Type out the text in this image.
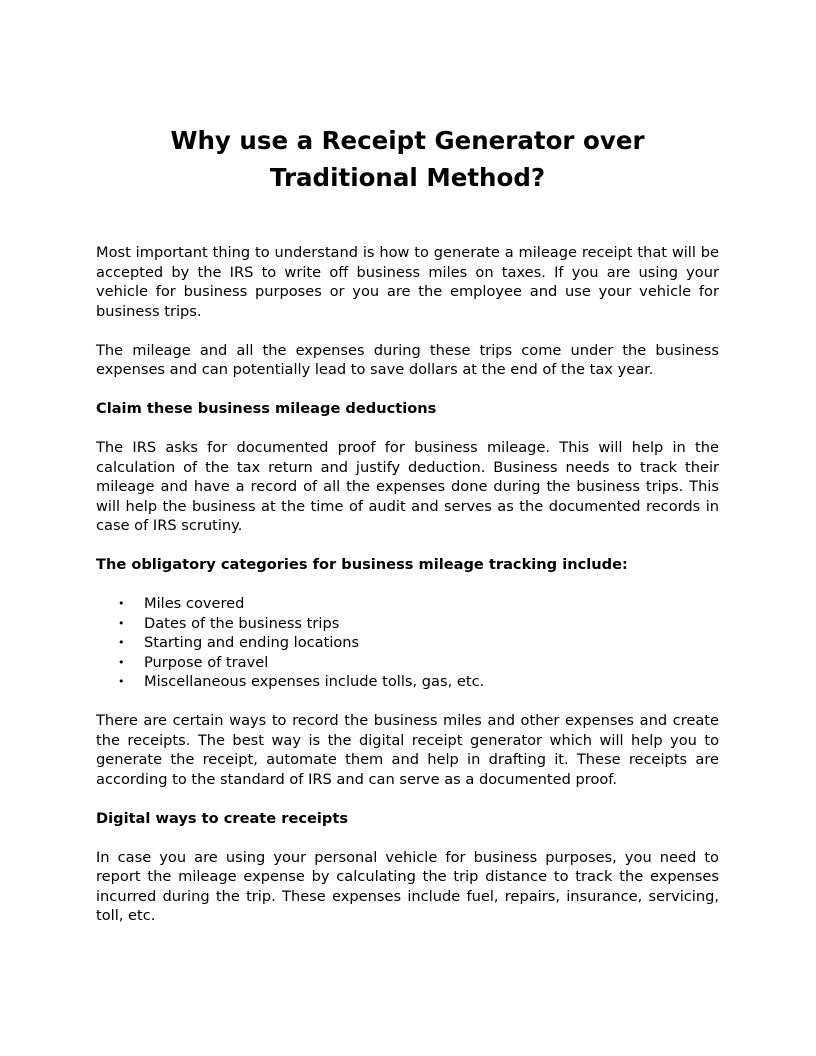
Why use a Receipt Generator over
Traditional Method?

Most important thing to understand is how to generate a mileage receipt that will be accepted by the IRS to write off business miles on taxes. If you are using your vehicle for business purposes or you are the employee and use your vehicle for business trips.

The mileage and all the expenses during these trips come under the business expenses and can potentially lead to save dollars at the end of the tax year.

Claim these business mileage deductions

The IRS asks for documented proof for business mileage. This will help in the calculation of the tax return and justify deduction. Business needs to track their mileage and have a record of all the expenses done during the business trips. This will help the business at the time of audit and serves as the documented records in case of IRS scrutiny.

The obligatory categories for business mileage tracking include:
• Miles covered
• Dates of the business trips
• Starting and ending locations
• Purpose of travel
• Miscellaneous expenses include tolls, gas, etc.

There are certain ways to record the business miles and other expenses and create the receipts. The best way is the digital receipt generator which will help you to generate the receipt, automate them and help in drafting it. These receipts are according to the standard of IRS and can serve as a documented proof.

Digital ways to create receipts

In case you are using your personal vehicle for business purposes, you need to report the mileage expense by calculating the trip distance to track the expenses incurred during the trip. These expenses include fuel, repairs, insurance, servicing, toll, etc.
